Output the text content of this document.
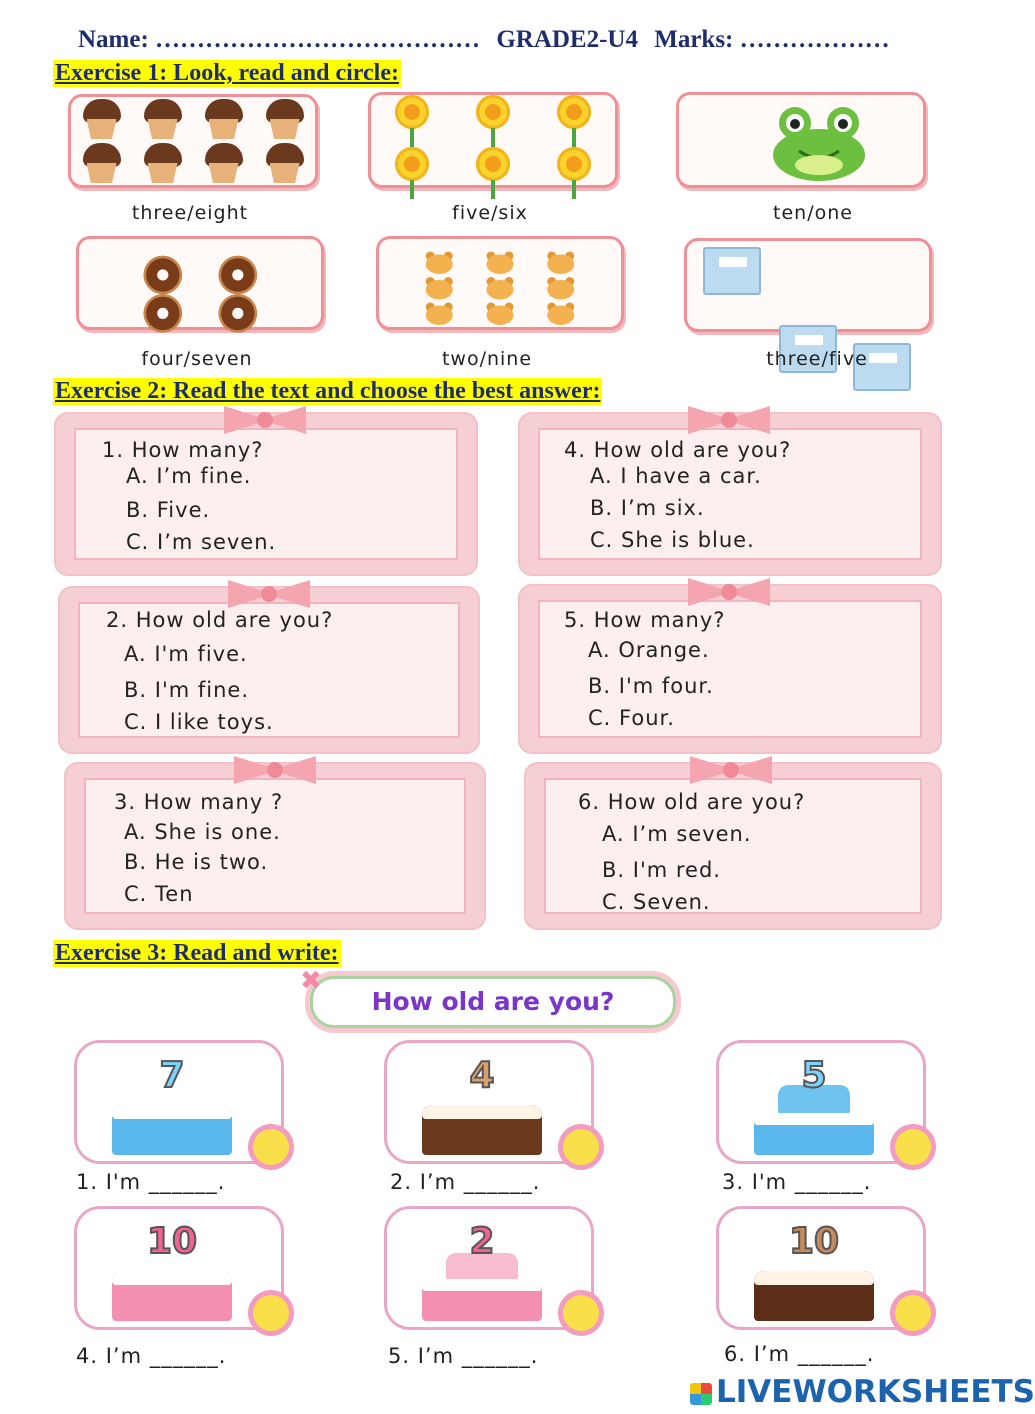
Name: ………………………………… GRADE2-U4 Marks: ………………
Exercise 1: Look, read and circle:
three/eight	five/six	ten/one
four/seven	two/nine	three/five
Exercise 2: Read the text and choose the best answer:
1. How many?
A. I’m fine.
B. Five.
C. I’m seven.
4. How old are you?
A. I have a car.
B. I’m six.
C. She is blue.
2. How old are you?
A. I'm five.
B. I'm fine.
C. I like toys.
5. How many?
A. Orange.
B. I'm four.
C. Four.
3. How many ?
A. She is one.
B. He is two.
C. Ten
6. How old are you?
A. I’m seven.
B. I'm red.
C. Seven.
Exercise 3: Read and write:
How old are you?
✖
7	4	5
1. I'm ______.	2. I’m ______.	3. I'm ______.
10	2	10
4. I’m ______.	5. I’m ______.	6. I’m ______.
LIVEWORKSHEETS
